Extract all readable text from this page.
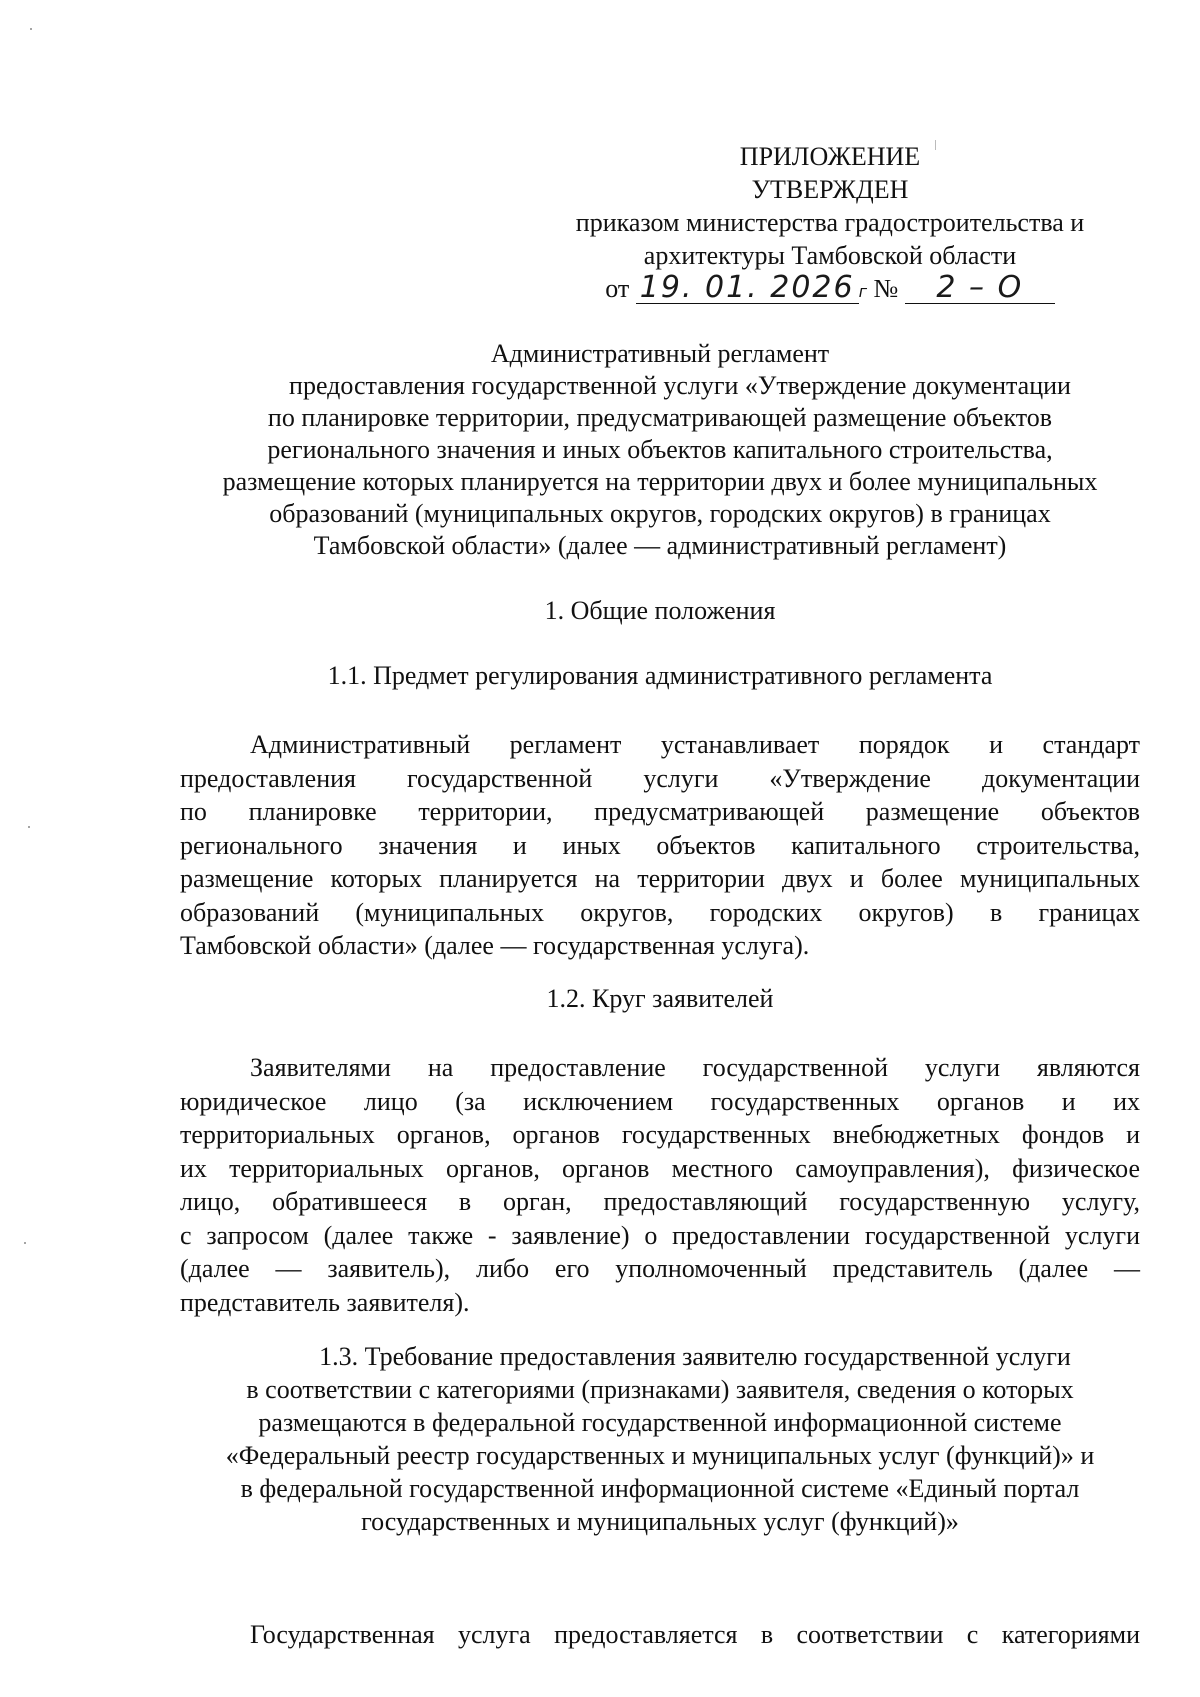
ПРИЛОЖЕНИЕ
УТВЕРЖДЕН
приказом министерства градостроительства и
архитектуры Тамбовской области
от 19. 01. 2026 г № 2 – О
Административный регламент
предоставления государственной услуги «Утверждение документации
по планировке территории, предусматривающей размещение объектов
регионального значения и иных объектов капитального строительства,
размещение которых планируется на территории двух и более муниципальных
образований (муниципальных округов, городских округов) в границах
Тамбовской области» (далее — административный регламент)
1. Общие положения
1.1. Предмет регулирования административного регламента
Административный регламент устанавливает порядок и стандарт
предоставления государственной услуги «Утверждение документации
по планировке территории, предусматривающей размещение объектов
регионального значения и иных объектов капитального строительства,
размещение которых планируется на территории двух и более муниципальных
образований (муниципальных округов, городских округов) в границах
Тамбовской области» (далее — государственная услуга).
1.2. Круг заявителей
Заявителями на предоставление государственной услуги являются
юридическое лицо (за исключением государственных органов и их
территориальных органов, органов государственных внебюджетных фондов и
их территориальных органов, органов местного самоуправления), физическое
лицо, обратившееся в орган, предоставляющий государственную услугу,
с запросом (далее также - заявление) о предоставлении государственной услуги
(далее — заявитель), либо его уполномоченный представитель (далее —
представитель заявителя).
1.3. Требование предоставления заявителю государственной услуги
в соответствии с категориями (признаками) заявителя, сведения о которых
размещаются в федеральной государственной информационной системе
«Федеральный реестр государственных и муниципальных услуг (функций)» и
в федеральной государственной информационной системе «Единый портал
государственных и муниципальных услуг (функций)»
Государственная услуга предоставляется в соответствии с категориями
